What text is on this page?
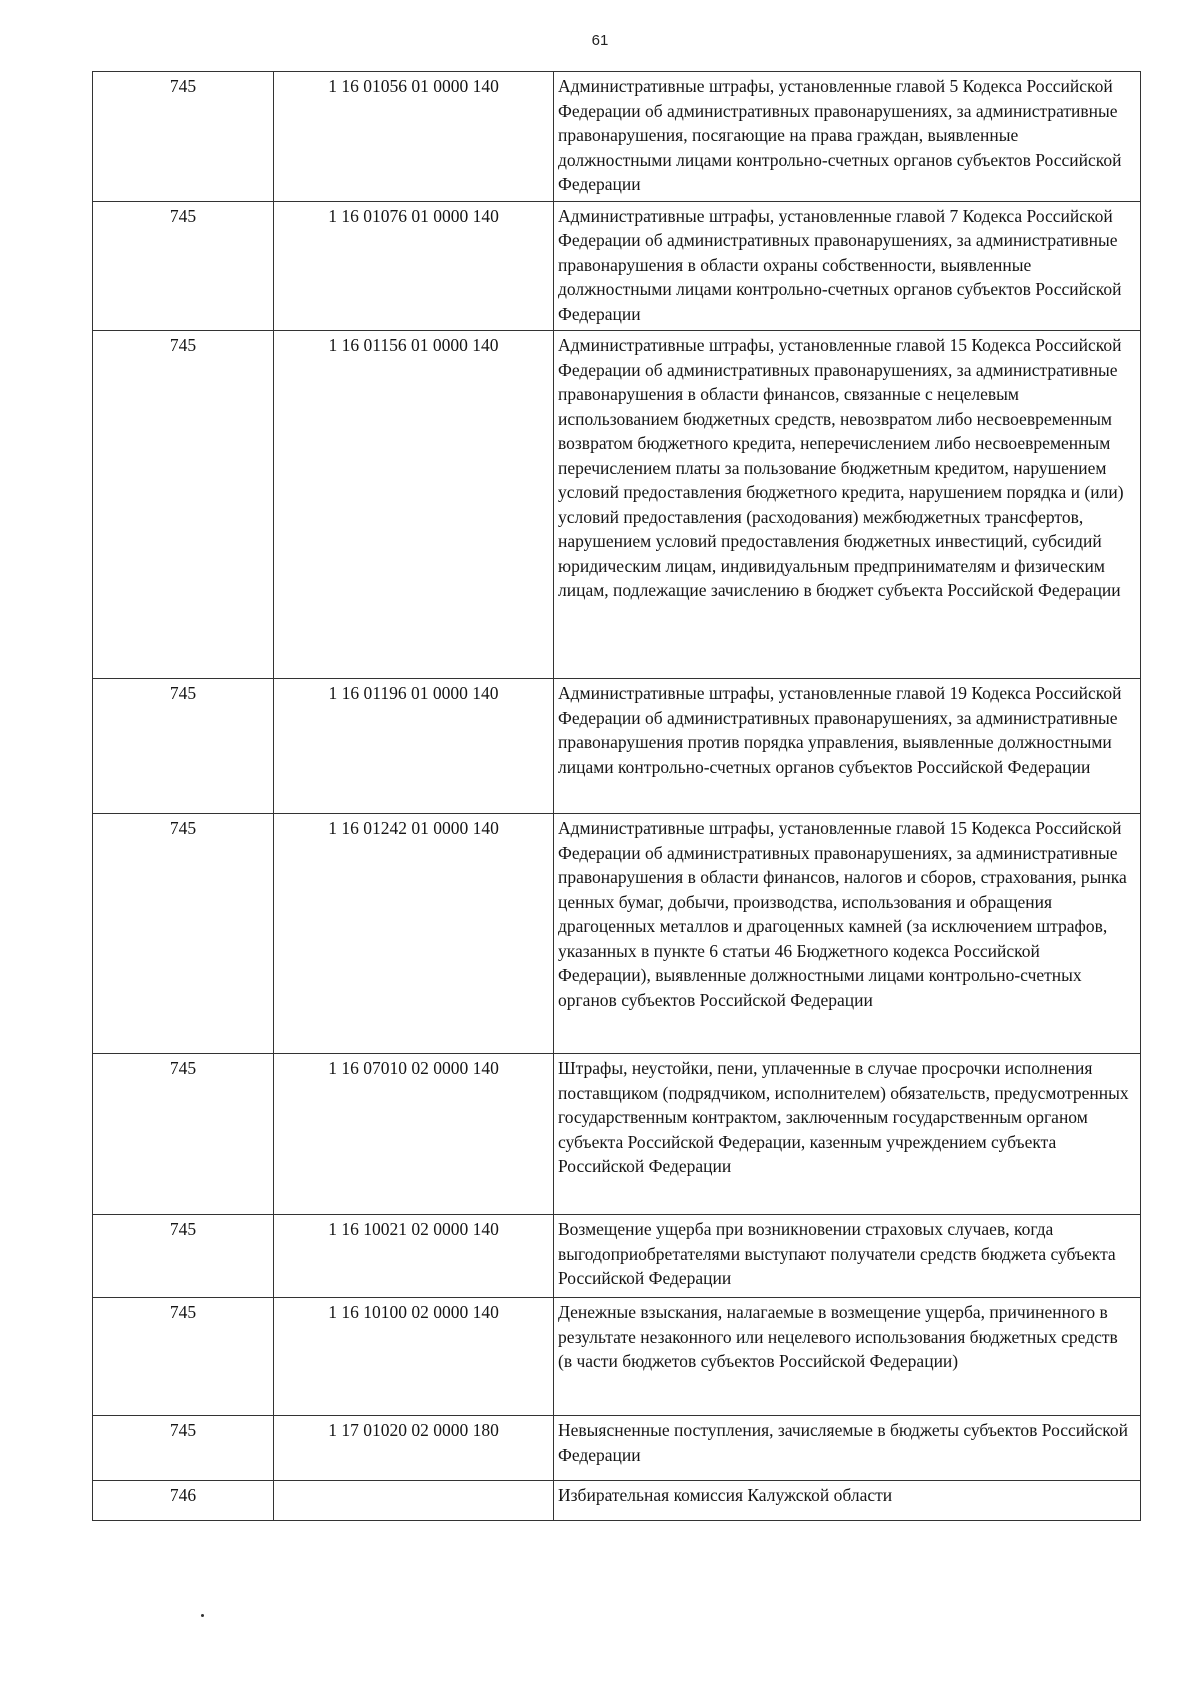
61
745	1 16 01056 01 0000 140	Административные штрафы, установленные главой 5 Кодекса Российской Федерации об административных правонарушениях, за административные правонарушения, посягающие на права граждан, выявленные должностными лицами контрольно-счетных органов субъектов Российской Федерации
745	1 16 01076 01 0000 140	Административные штрафы, установленные главой 7 Кодекса Российской Федерации об административных правонарушениях, за административные правонарушения в области охраны собственности, выявленные должностными лицами контрольно-счетных органов субъектов Российской Федерации
745	1 16 01156 01 0000 140	Административные штрафы, установленные главой 15 Кодекса Российской Федерации об административных правонарушениях, за административные правонарушения в области финансов, связанные с нецелевым использованием бюджетных средств, невозвратом либо несвоевременным возвратом бюджетного кредита, неперечислением либо несвоевременным перечислением платы за пользование бюджетным кредитом, нарушением условий предоставления бюджетного кредита, нарушением порядка и (или) условий предоставления (расходования) межбюджетных трансфертов, нарушением условий предоставления бюджетных инвестиций, субсидий юридическим лицам, индивидуальным предпринимателям и физическим лицам, подлежащие зачислению в бюджет субъекта Российской Федерации
745	1 16 01196 01 0000 140	Административные штрафы, установленные главой 19 Кодекса Российской Федерации об административных правонарушениях, за административные правонарушения против порядка управления, выявленные должностными лицами контрольно-счетных органов субъектов Российской Федерации
745	1 16 01242 01 0000 140	Административные штрафы, установленные главой 15 Кодекса Российской Федерации об административных правонарушениях, за административные правонарушения в области финансов, налогов и сборов, страхования, рынка ценных бумаг, добычи, производства, использования и обращения драгоценных металлов и драгоценных камней (за исключением штрафов, указанных в пункте 6 статьи 46 Бюджетного кодекса Российской Федерации), выявленные должностными лицами контрольно-счетных органов субъектов Российской Федерации
745	1 16 07010 02 0000 140	Штрафы, неустойки, пени, уплаченные в случае просрочки исполнения поставщиком (подрядчиком, исполнителем) обязательств, предусмотренных государственным контрактом, заключенным государственным органом субъекта Российской Федерации, казенным учреждением субъекта Российской Федерации
745	1 16 10021 02 0000 140	Возмещение ущерба при возникновении страховых случаев, когда выгодоприобретателями выступают получатели средств бюджета субъекта Российской Федерации
745	1 16 10100 02 0000 140	Денежные взыскания, налагаемые в возмещение ущерба, причиненного в результате незаконного или нецелевого использования бюджетных средств (в части бюджетов субъектов Российской Федерации)
745	1 17 01020 02 0000 180	Невыясненные поступления, зачисляемые в бюджеты субъектов Российской Федерации
746		Избирательная комиссия Калужской области
